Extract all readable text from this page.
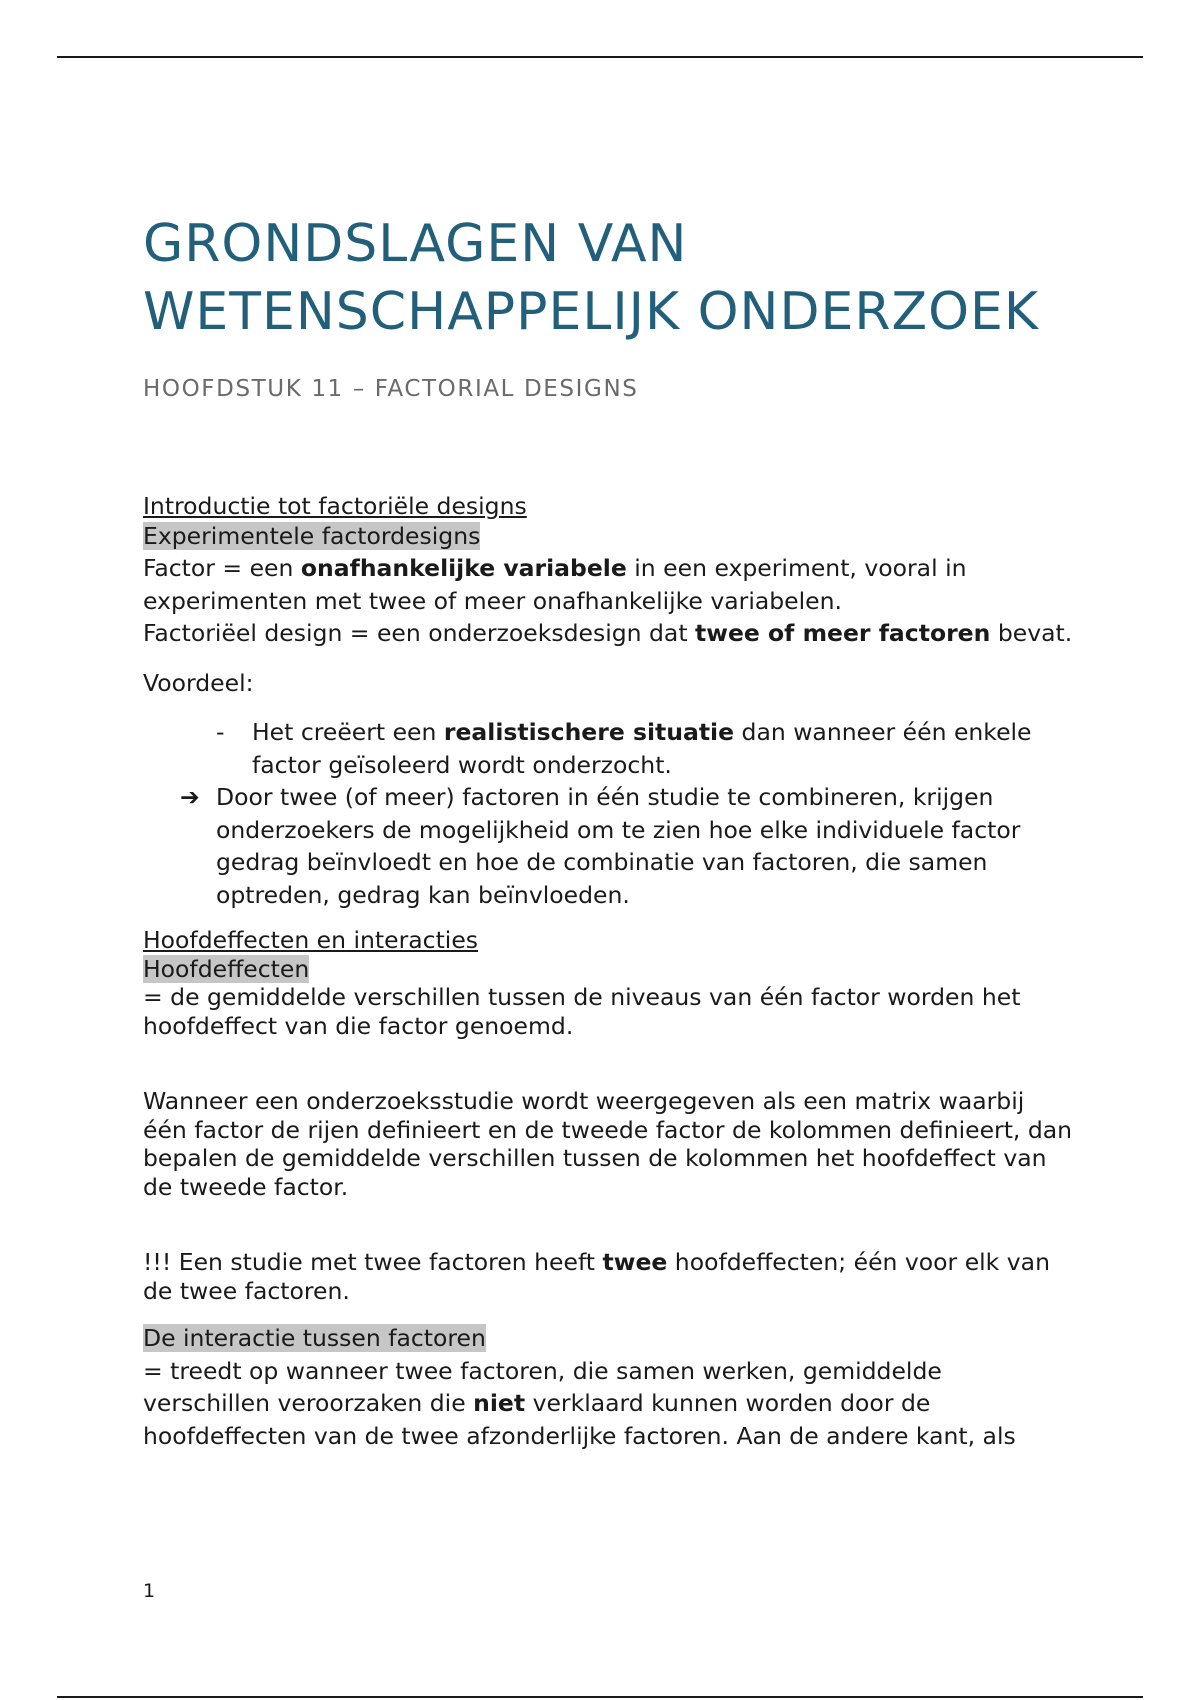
GRONDSLAGEN VAN
WETENSCHAPPELIJK ONDERZOEK
HOOFDSTUK 11 – FACTORIAL DESIGNS
Introductie tot factoriële designs
Experimentele factordesigns
Factor = een onafhankelijke variabele in een experiment, vooral in experimenten met twee of meer onafhankelijke variabelen.
Factoriëel design = een onderzoeksdesign dat twee of meer factoren bevat.
Voordeel:
- Het creëert een realistischere situatie dan wanneer één enkele factor geïsoleerd wordt onderzocht.
➔ Door twee (of meer) factoren in één studie te combineren, krijgen onderzoekers de mogelijkheid om te zien hoe elke individuele factor gedrag beïnvloedt en hoe de combinatie van factoren, die samen optreden, gedrag kan beïnvloeden.
Hoofdeffecten en interacties
Hoofdeffecten
= de gemiddelde verschillen tussen de niveaus van één factor worden het hoofdeffect van die factor genoemd.
Wanneer een onderzoeksstudie wordt weergegeven als een matrix waarbij één factor de rijen definieert en de tweede factor de kolommen definieert, dan bepalen de gemiddelde verschillen tussen de kolommen het hoofdeffect van de tweede factor.
!!! Een studie met twee factoren heeft twee hoofdeffecten; één voor elk van de twee factoren.
De interactie tussen factoren
= treedt op wanneer twee factoren, die samen werken, gemiddelde verschillen veroorzaken die niet verklaard kunnen worden door de hoofdeffecten van de twee afzonderlijke factoren. Aan de andere kant, als
1
